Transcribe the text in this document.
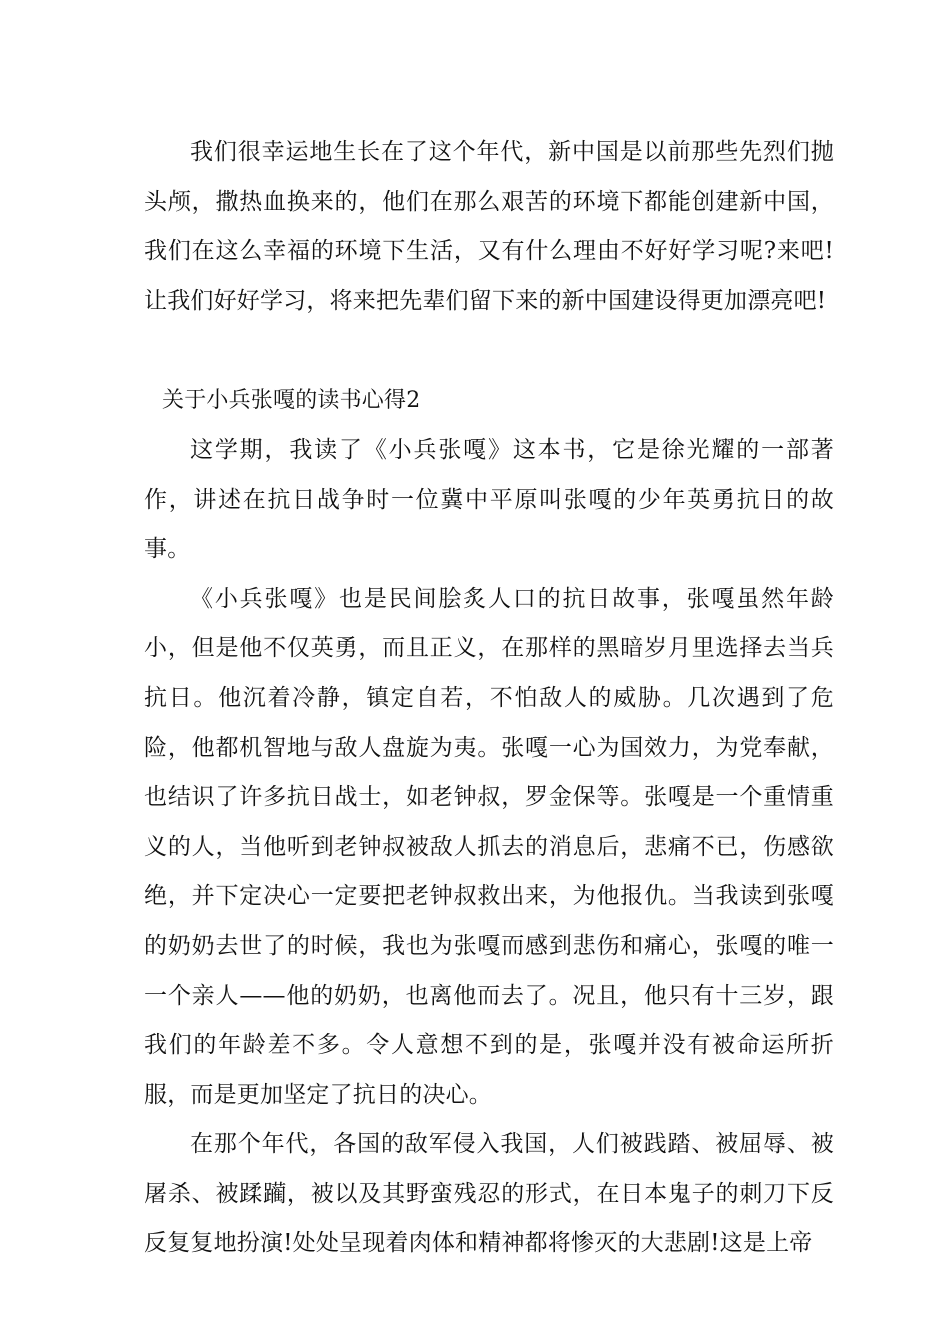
我们很幸运地生长在了这个年代，新中国是以前那些先烈们抛头颅，撒热血换来的，他们在那么艰苦的环境下都能创建新中国，我们在这么幸福的环境下生活，又有什么理由不好好学习呢?来吧!让我们好好学习，将来把先辈们留下来的新中国建设得更加漂亮吧!

关于小兵张嘎的读书心得2

这学期，我读了《小兵张嘎》这本书，它是徐光耀的一部著作，讲述在抗日战争时一位冀中平原叫张嘎的少年英勇抗日的故事。

《小兵张嘎》也是民间脍炙人口的抗日故事，张嘎虽然年龄小，但是他不仅英勇，而且正义，在那样的黑暗岁月里选择去当兵抗日。他沉着冷静，镇定自若，不怕敌人的威胁。几次遇到了危险，他都机智地与敌人盘旋为夷。张嘎一心为国效力，为党奉献，也结识了许多抗日战士，如老钟叔，罗金保等。张嘎是一个重情重义的人，当他听到老钟叔被敌人抓去的消息后，悲痛不已，伤感欲绝，并下定决心一定要把老钟叔救出来，为他报仇。当我读到张嘎的奶奶去世了的时候，我也为张嘎而感到悲伤和痛心，张嘎的唯一一个亲人——他的奶奶，也离他而去了。况且，他只有十三岁，跟我们的年龄差不多。令人意想不到的是，张嘎并没有被命运所折服，而是更加坚定了抗日的决心。

在那个年代，各国的敌军侵入我国，人们被践踏、被屈辱、被屠杀、被蹂躏，被以及其野蛮残忍的形式，在日本鬼子的刺刀下反反复复地扮演!处处呈现着肉体和精神都将惨灭的大悲剧!这是上帝
